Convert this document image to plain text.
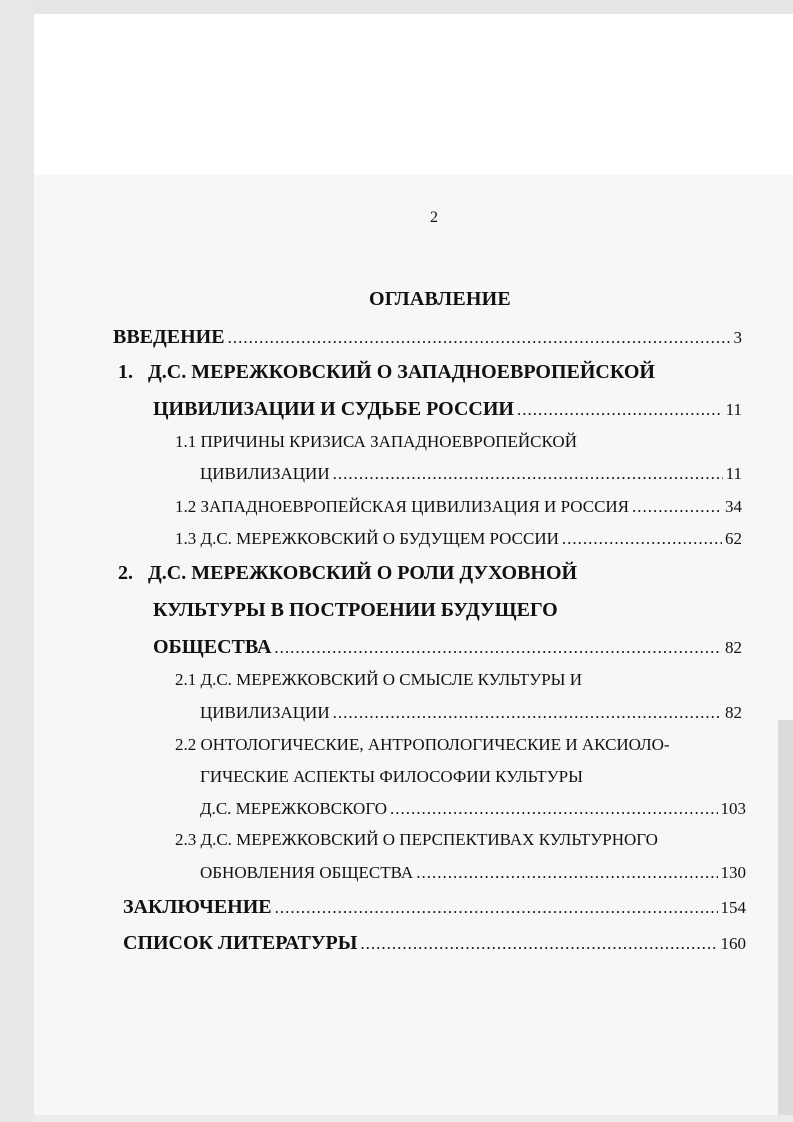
2
ОГЛАВЛЕНИЕ
ВВЕДЕНИЕ .....	3
1. Д.С. МЕРЕЖКОВСКИЙ О ЗАПАДНОЕВРОПЕЙСКОЙ
ЦИВИЛИЗАЦИИ И СУДЬБЕ РОССИИ .....	11
1.1 ПРИЧИНЫ КРИЗИСА ЗАПАДНОЕВРОПЕЙСКОЙ
ЦИВИЛИЗАЦИИ .....	11
1.2 ЗАПАДНОЕВРОПЕЙСКАЯ ЦИВИЛИЗАЦИЯ И РОССИЯ .....	34
1.3 Д.С. МЕРЕЖКОВСКИЙ О БУДУЩЕМ РОССИИ .....	62
2. Д.С. МЕРЕЖКОВСКИЙ О РОЛИ ДУХОВНОЙ
КУЛЬТУРЫ В ПОСТРОЕНИИ БУДУЩЕГО
ОБЩЕСТВА .....	82
2.1 Д.С. МЕРЕЖКОВСКИЙ О СМЫСЛЕ КУЛЬТУРЫ И
ЦИВИЛИЗАЦИИ .....	82
2.2 ОНТОЛОГИЧЕСКИЕ, АНТРОПОЛОГИЧЕСКИЕ И АКСИОЛО-
ГИЧЕСКИЕ АСПЕКТЫ ФИЛОСОФИИ КУЛЬТУРЫ
Д.С. МЕРЕЖКОВСКОГО .....	103
2.3 Д.С. МЕРЕЖКОВСКИЙ О ПЕРСПЕКТИВАХ КУЛЬТУРНОГО
ОБНОВЛЕНИЯ ОБЩЕСТВА .....	130
ЗАКЛЮЧЕНИЕ .....	154
СПИСОК ЛИТЕРАТУРЫ .....	160
